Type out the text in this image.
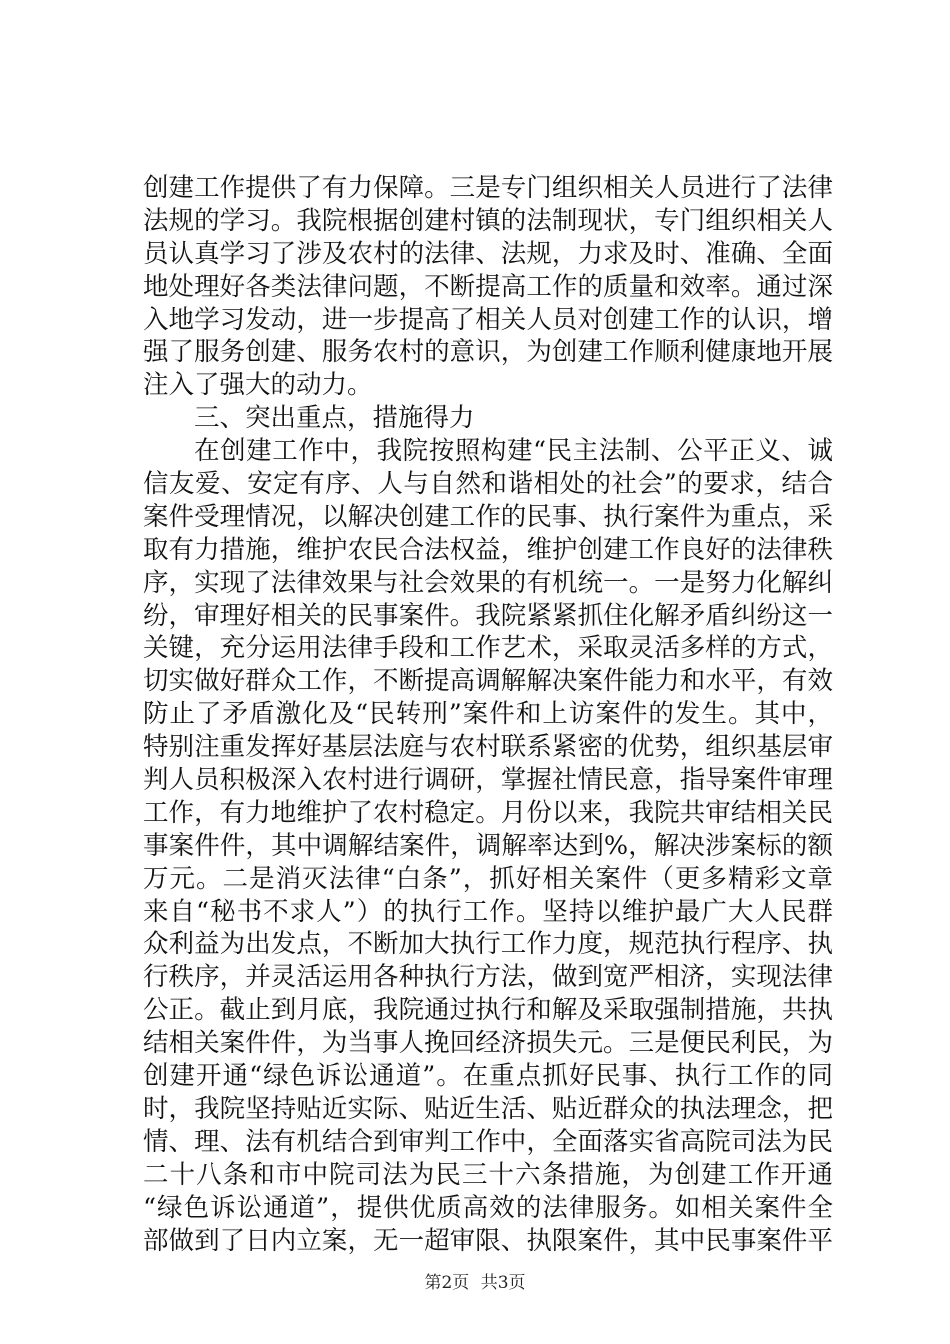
创建工作提供了有力保障。三是专门组织相关人员进行了法律
法规的学习。我院根据创建村镇的法制现状，专门组织相关人
员认真学习了涉及农村的法律、法规，力求及时、准确、全面
地处理好各类法律问题，不断提高工作的质量和效率。通过深
入地学习发动，进一步提高了相关人员对创建工作的认识，增
强了服务创建、服务农村的意识，为创建工作顺利健康地开展
注入了强大的动力。
三、突出重点，措施得力
在创建工作中，我院按照构建“民主法制、公平正义、诚
信友爱、安定有序、人与自然和谐相处的社会”的要求，结合
案件受理情况，以解决创建工作的民事、执行案件为重点，采
取有力措施，维护农民合法权益，维护创建工作良好的法律秩
序，实现了法律效果与社会效果的有机统一。一是努力化解纠
纷，审理好相关的民事案件。我院紧紧抓住化解矛盾纠纷这一
关键，充分运用法律手段和工作艺术，采取灵活多样的方式，
切实做好群众工作，不断提高调解解决案件能力和水平，有效
防止了矛盾激化及“民转刑”案件和上访案件的发生。其中，
特别注重发挥好基层法庭与农村联系紧密的优势，组织基层审
判人员积极深入农村进行调研，掌握社情民意，指导案件审理
工作，有力地维护了农村稳定。月份以来，我院共审结相关民
事案件件，其中调解结案件，调解率达到%，解决涉案标的额
万元。二是消灭法律“白条”，抓好相关案件（更多精彩文章
来自“秘书不求人”）的执行工作。坚持以维护最广大人民群
众利益为出发点，不断加大执行工作力度，规范执行程序、执
行秩序，并灵活运用各种执行方法，做到宽严相济，实现法律
公正。截止到月底，我院通过执行和解及采取强制措施，共执
结相关案件件，为当事人挽回经济损失元。三是便民利民，为
创建开通“绿色诉讼通道”。在重点抓好民事、执行工作的同
时，我院坚持贴近实际、贴近生活、贴近群众的执法理念，把
情、理、法有机结合到审判工作中，全面落实省高院司法为民
二十八条和市中院司法为民三十六条措施，为创建工作开通
“绿色诉讼通道”，提供优质高效的法律服务。如相关案件全
部做到了日内立案，无一超审限、执限案件，其中民事案件平
第2页 共3页
